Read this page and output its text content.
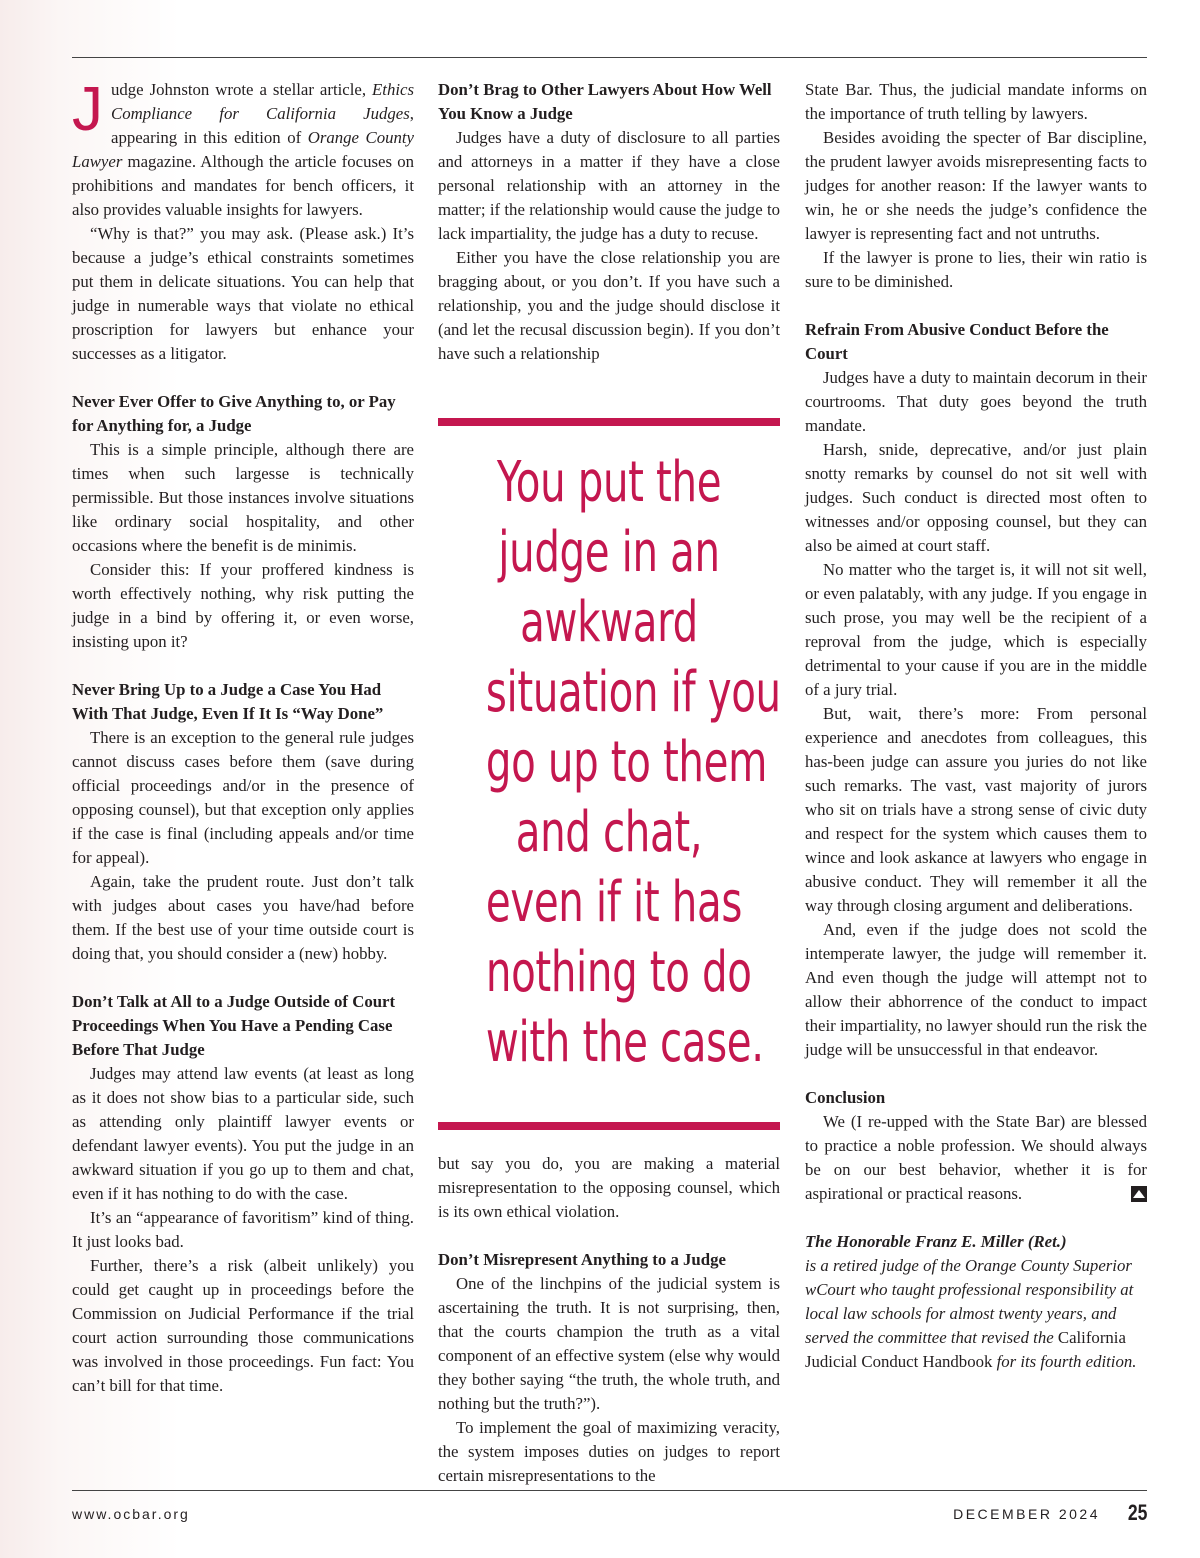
Judge Johnston wrote a stellar article, Ethics Compliance for California Judges, appearing in this edition of Orange County Lawyer magazine. Although the article focuses on prohibitions and mandates for bench officers, it also provides valuable insights for lawyers.

“Why is that?” you may ask. (Please ask.) It’s because a judge’s ethical constraints sometimes put them in delicate situations. You can help that judge in numerable ways that violate no ethical proscription for lawyers but enhance your successes as a litigator.

Never Ever Offer to Give Anything to, or Pay for Anything for, a Judge

This is a simple principle, although there are times when such largesse is technically permissible. But those instances involve situations like ordinary social hospitality, and other occasions where the benefit is de minimis.

Consider this: If your proffered kindness is worth effectively nothing, why risk putting the judge in a bind by offering it, or even worse, insisting upon it?

Never Bring Up to a Judge a Case You Had With That Judge, Even If It Is “Way Done”

There is an exception to the general rule judges cannot discuss cases before them (save during official proceedings and/or in the presence of opposing counsel), but that exception only applies if the case is final (including appeals and/or time for appeal).

Again, take the prudent route. Just don’t talk with judges about cases you have/had before them. If the best use of your time outside court is doing that, you should consider a (new) hobby.

Don’t Talk at All to a Judge Outside of Court Proceedings When You Have a Pending Case Before That Judge

Judges may attend law events (at least as long as it does not show bias to a particular side, such as attending only plaintiff lawyer events or defendant lawyer events). You put the judge in an awkward situation if you go up to them and chat, even if it has nothing to do with the case.

It’s an “appearance of favoritism” kind of thing. It just looks bad.

Further, there’s a risk (albeit unlikely) you could get caught up in proceedings before the Commission on Judicial Performance if the trial court action surrounding those communications was involved in those proceedings. Fun fact: You can’t bill for that time.

Don’t Brag to Other Lawyers About How Well You Know a Judge

Judges have a duty of disclosure to all parties and attorneys in a matter if they have a close personal relationship with an attorney in the matter; if the relationship would cause the judge to lack impartiality, the judge has a duty to recuse.

Either you have the close relationship you are bragging about, or you don’t. If you have such a relationship, you and the judge should disclose it (and let the recusal discussion begin). If you don’t have such a relationship

You put the
judge in an
awkward
situation if you
go up to them
and chat,
even if it has
nothing to do
with the case.

but say you do, you are making a material misrepresentation to the opposing counsel, which is its own ethical violation.

Don’t Misrepresent Anything to a Judge

One of the linchpins of the judicial system is ascertaining the truth. It is not surprising, then, that the courts champion the truth as a vital component of an effective system (else why would they bother saying “the truth, the whole truth, and nothing but the truth?”).

To implement the goal of maximizing veracity, the system imposes duties on judges to report certain misrepresentations to the

State Bar. Thus, the judicial mandate informs on the importance of truth telling by lawyers.

Besides avoiding the specter of Bar discipline, the prudent lawyer avoids misrepresenting facts to judges for another reason: If the lawyer wants to win, he or she needs the judge’s confidence the lawyer is representing fact and not untruths.

If the lawyer is prone to lies, their win ratio is sure to be diminished.

Refrain From Abusive Conduct Before the Court

Judges have a duty to maintain decorum in their courtrooms. That duty goes beyond the truth mandate.

Harsh, snide, deprecative, and/or just plain snotty remarks by counsel do not sit well with judges. Such conduct is directed most often to witnesses and/or opposing counsel, but they can also be aimed at court staff.

No matter who the target is, it will not sit well, or even palatably, with any judge. If you engage in such prose, you may well be the recipient of a reproval from the judge, which is especially detrimental to your cause if you are in the middle of a jury trial.

But, wait, there’s more: From personal experience and anecdotes from colleagues, this has-been judge can assure you juries do not like such remarks. The vast, vast majority of jurors who sit on trials have a strong sense of civic duty and respect for the system which causes them to wince and look askance at lawyers who engage in abusive conduct. They will remember it all the way through closing argument and deliberations.

And, even if the judge does not scold the intemperate lawyer, the judge will remember it. And even though the judge will attempt not to allow their abhorrence of the conduct to impact their impartiality, no lawyer should run the risk the judge will be unsuccessful in that endeavor.

Conclusion

We (I re-upped with the State Bar) are blessed to practice a noble profession. We should always be on our best behavior, whether it is for aspirational or practical reasons.

The Honorable Franz E. Miller (Ret.)
is a retired judge of the Orange County Superior wCourt who taught professional responsibility at local law schools for almost twenty years, and served the committee that revised the California Judicial Conduct Handbook for its fourth edition.
www.ocbar.org	DECEMBER 2024 25
